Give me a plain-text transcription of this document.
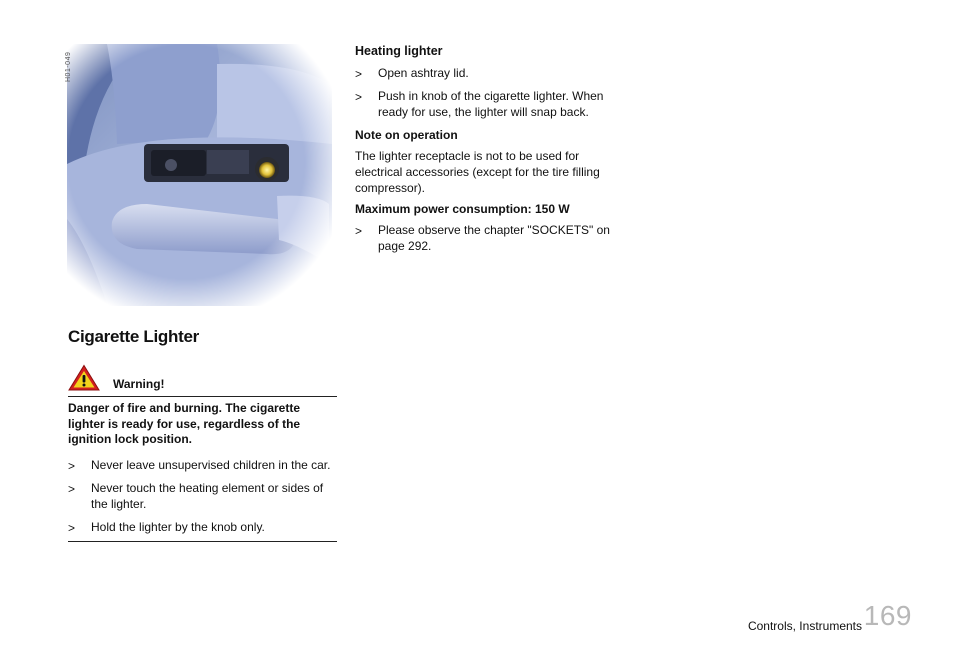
H01-049
Cigarette Lighter
Warning!

Danger of fire and burning. The cigarette lighter is ready for use, regardless of the ignition lock position.

> Never leave unsupervised children in the car.
> Never touch the heating element or sides of the lighter.
> Hold the lighter by the knob only.
Heating lighter
> Open ashtray lid.
> Push in knob of the cigarette lighter. When ready for use, the lighter will snap back.
Note on operation

The lighter receptacle is not to be used for electrical accessories (except for the tire filling compressor).

Maximum power consumption: 150 W
> Please observe the chapter "SOCKETS" on page 292.
Controls, Instruments 169
